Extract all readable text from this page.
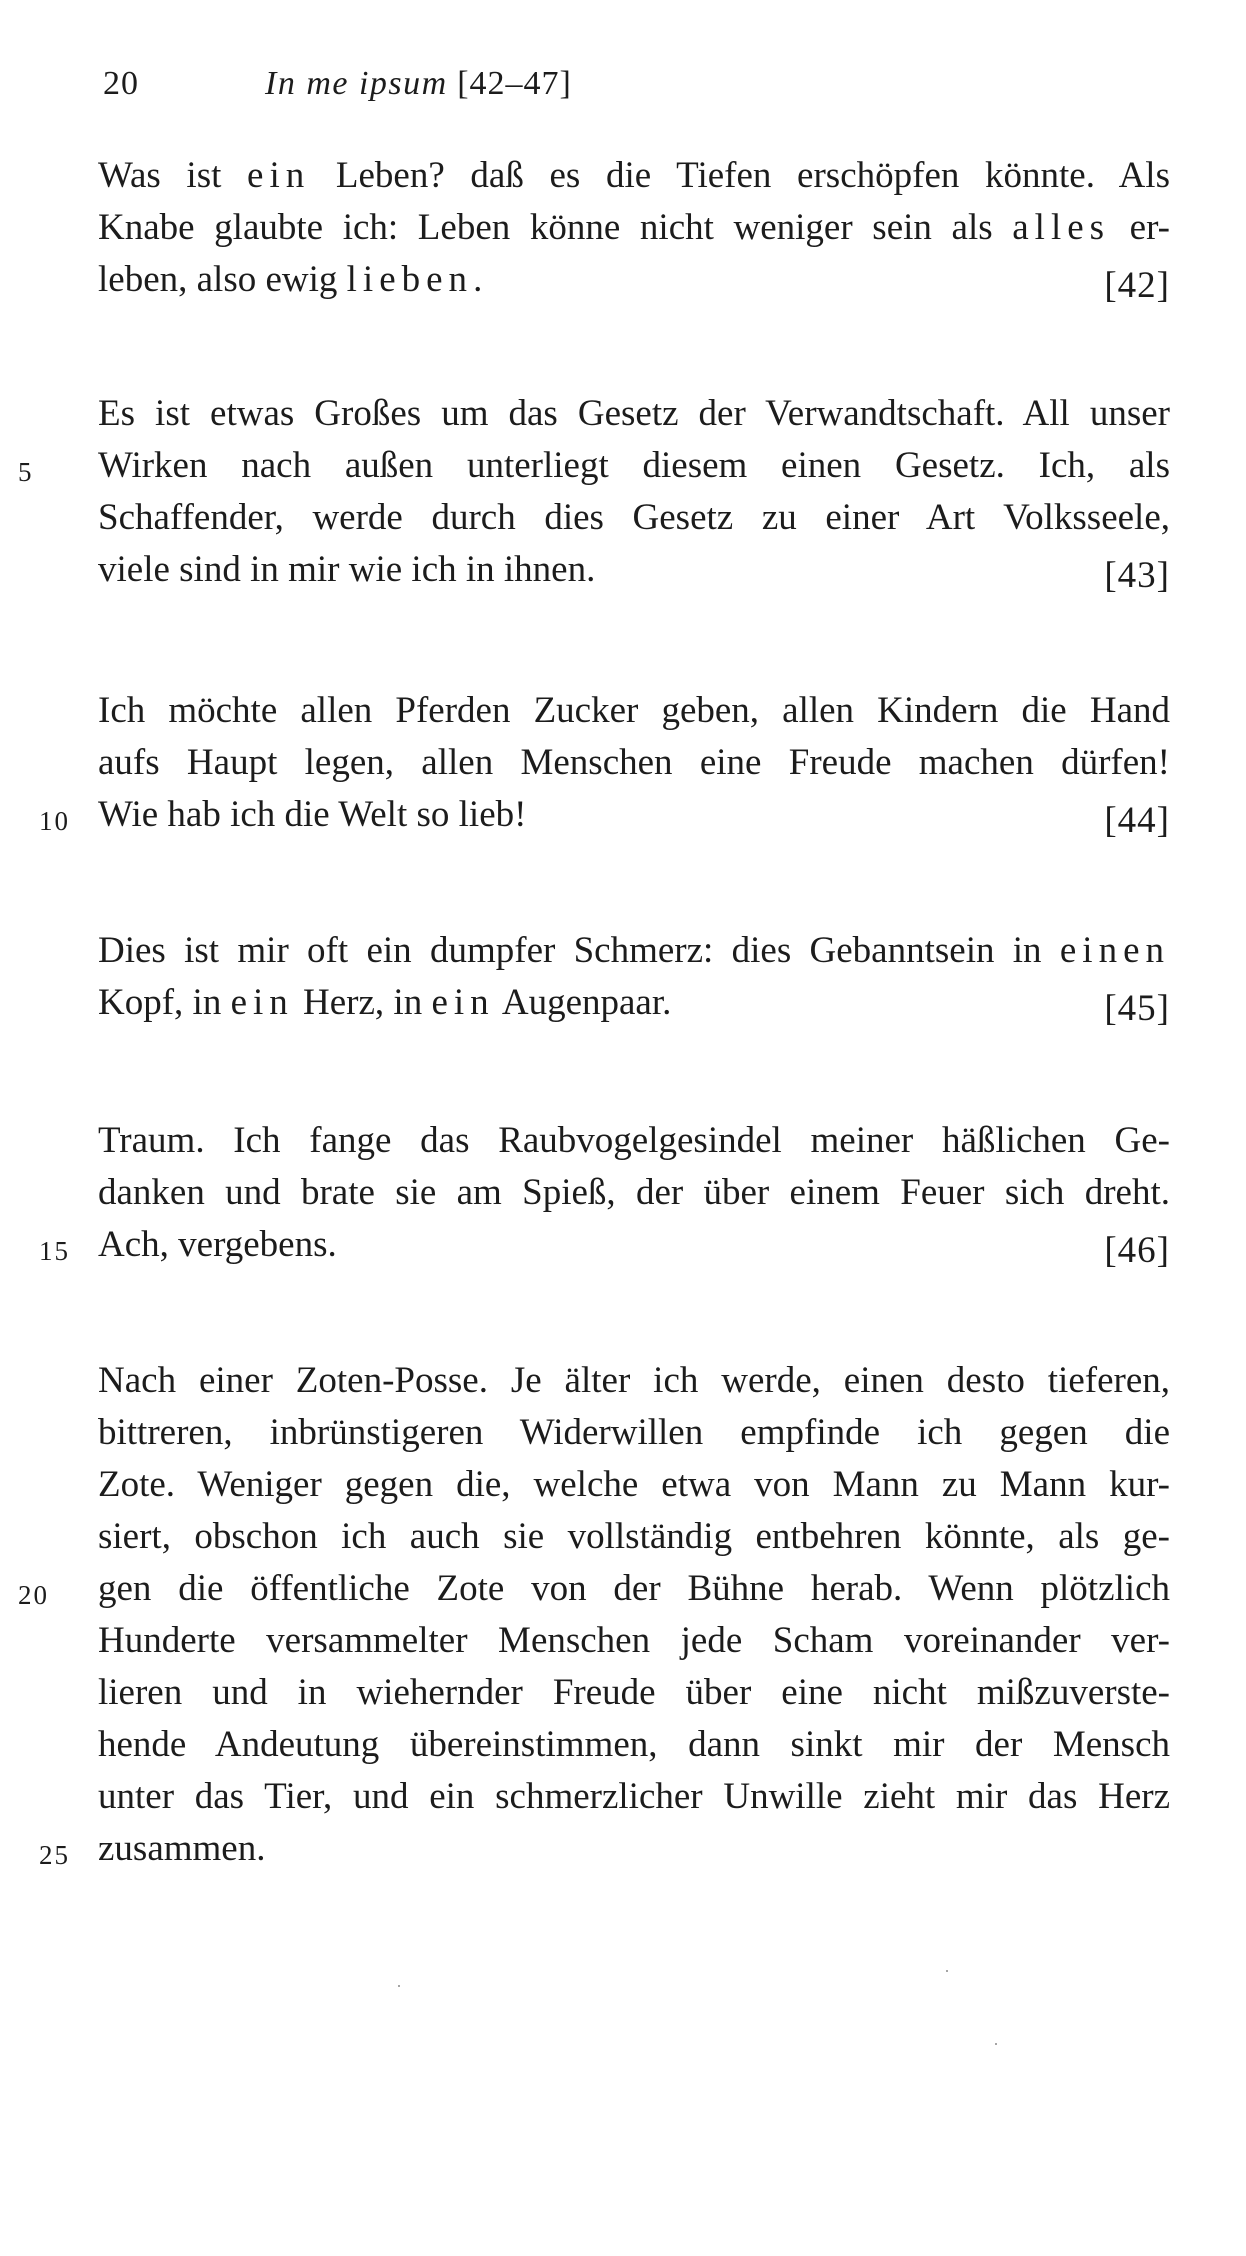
20	In me ipsum [42–47]
Was ist ein Leben? daß es die Tiefen erschöpfen könnte. Als
Knabe glaubte ich: Leben könne nicht weniger sein als alles er-
leben, also ewig lieben.	[42]
Es ist etwas Großes um das Gesetz der Verwandtschaft. All unser
5	Wirken nach außen unterliegt diesem einen Gesetz. Ich, als
Schaffender, werde durch dies Gesetz zu einer Art Volksseele,
viele sind in mir wie ich in ihnen.	[43]
Ich möchte allen Pferden Zucker geben, allen Kindern die Hand
aufs Haupt legen, allen Menschen eine Freude machen dürfen!
10 Wie hab ich die Welt so lieb!	[44]
Dies ist mir oft ein dumpfer Schmerz: dies Gebanntsein in einen
Kopf, in ein Herz, in ein Augenpaar.	[45]
Traum. Ich fange das Raubvogelgesindel meiner häßlichen Ge-
danken und brate sie am Spieß, der über einem Feuer sich dreht.
15 Ach, vergebens.	[46]
Nach einer Zoten-Posse. Je älter ich werde, einen desto tieferen,
bittreren, inbrünstigeren Widerwillen empfinde ich gegen die
Zote. Weniger gegen die, welche etwa von Mann zu Mann kur-
siert, obschon ich auch sie vollständig entbehren könnte, als ge-
20	gen die öffentliche Zote von der Bühne herab. Wenn plötzlich
Hunderte versammelter Menschen jede Scham voreinander ver-
lieren und in wiehernder Freude über eine nicht mißzuverste-
hende Andeutung übereinstimmen, dann sinkt mir der Mensch
unter das Tier, und ein schmerzlicher Unwille zieht mir das Herz
25 zusammen.
